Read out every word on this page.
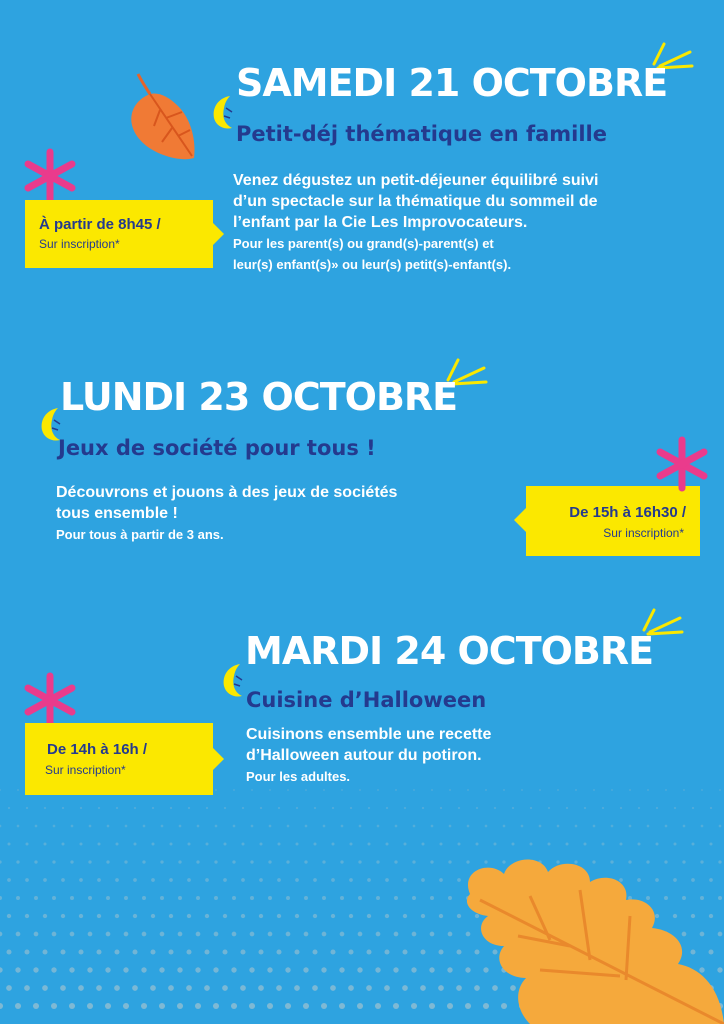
SAMEDI 21 OCTOBRE
Petit-déj thématique en famille
Venez dégustez un petit-déjeuner équilibré suivi
d’un spectacle sur la thématique du sommeil de
l’enfant par la Cie Les Improvocateurs.
Pour les parent(s) ou grand(s)-parent(s) et
leur(s) enfant(s)» ou leur(s) petit(s)-enfant(s).
À partir de 8h45 /
Sur inscription*
LUNDI 23 OCTOBRE
Jeux de société pour tous !
Découvrons et jouons à des jeux de sociétés
tous ensemble !
Pour tous à partir de 3 ans.
De 15h à 16h30 /
Sur inscription*
MARDI 24 OCTOBRE
Cuisine d’Halloween
Cuisinons ensemble une recette
d’Halloween autour du potiron.
Pour les adultes.
De 14h à 16h /
Sur inscription*
